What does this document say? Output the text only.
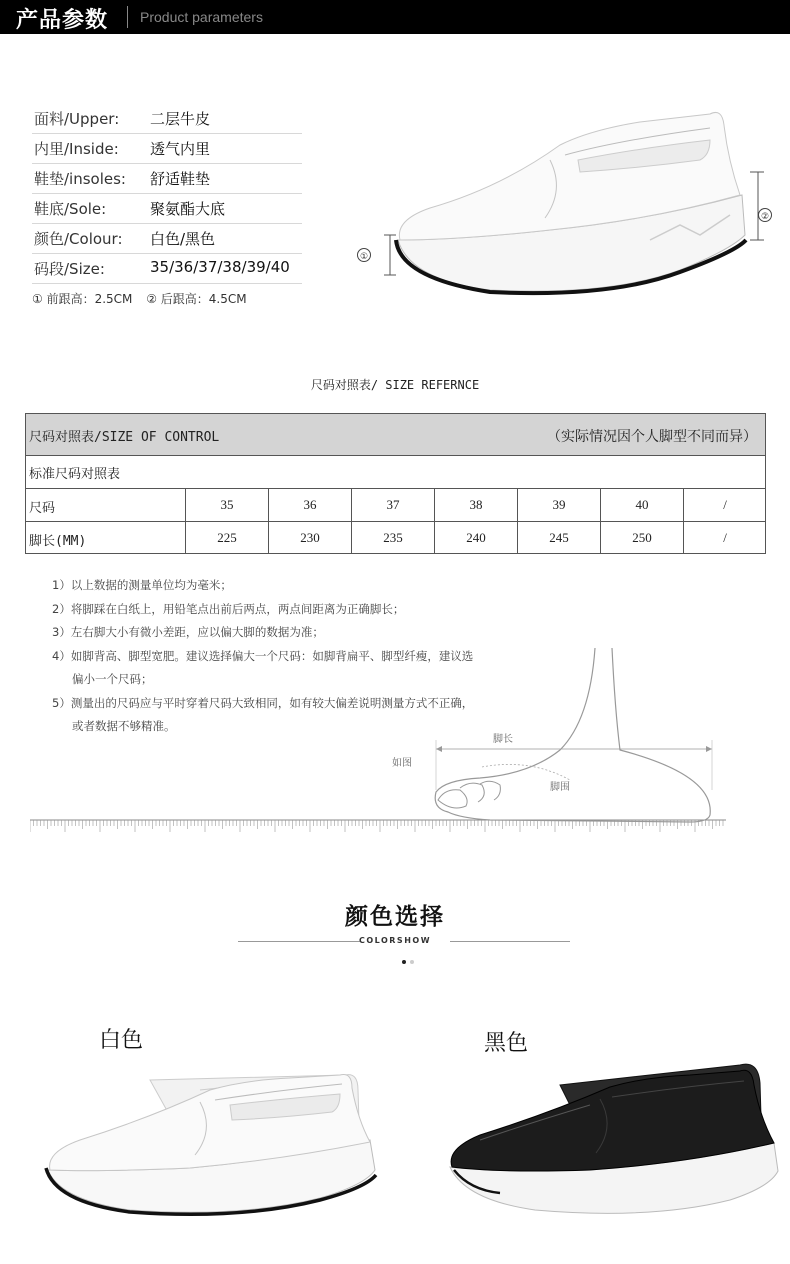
产品参数 Product parameters
面料/Upper: 二层牛皮
内里/Inside: 透气内里
鞋垫/insoles: 舒适鞋垫
鞋底/Sole:	聚氨酯大底
颜色/Colour: 白色/黑色
码段/Size:	35/36/37/38/39/40
① 前跟高：2.5CM ② 后跟高：4.5CM
①
②
尺码对照表/ SIZE REFERNCE
尺码对照表/SIZE OF CONTROL	（实际情况因个人脚型不同而异）
标准尺码对照表
尺码	35	36	37	38	39	40	/
脚长(MM)	225	230	235	240	245	250	/
1）以上数据的测量单位均为毫米；
2）将脚踩在白纸上，用铅笔点出前后两点，两点间距离为正确脚长；
3）左右脚大小有微小差距，应以偏大脚的数据为准；
4）如脚背高、脚型宽肥。建议选择偏大一个尺码：如脚背扁平、脚型纤瘦，建议选
偏小一个尺码；
5）测量出的尺码应与平时穿着尺码大致相同，如有较大偏差说明测量方式不正确，
或者数据不够精准。
脚长
脚围
如图
颜色选择
COLORSHOW
白色	黑色
